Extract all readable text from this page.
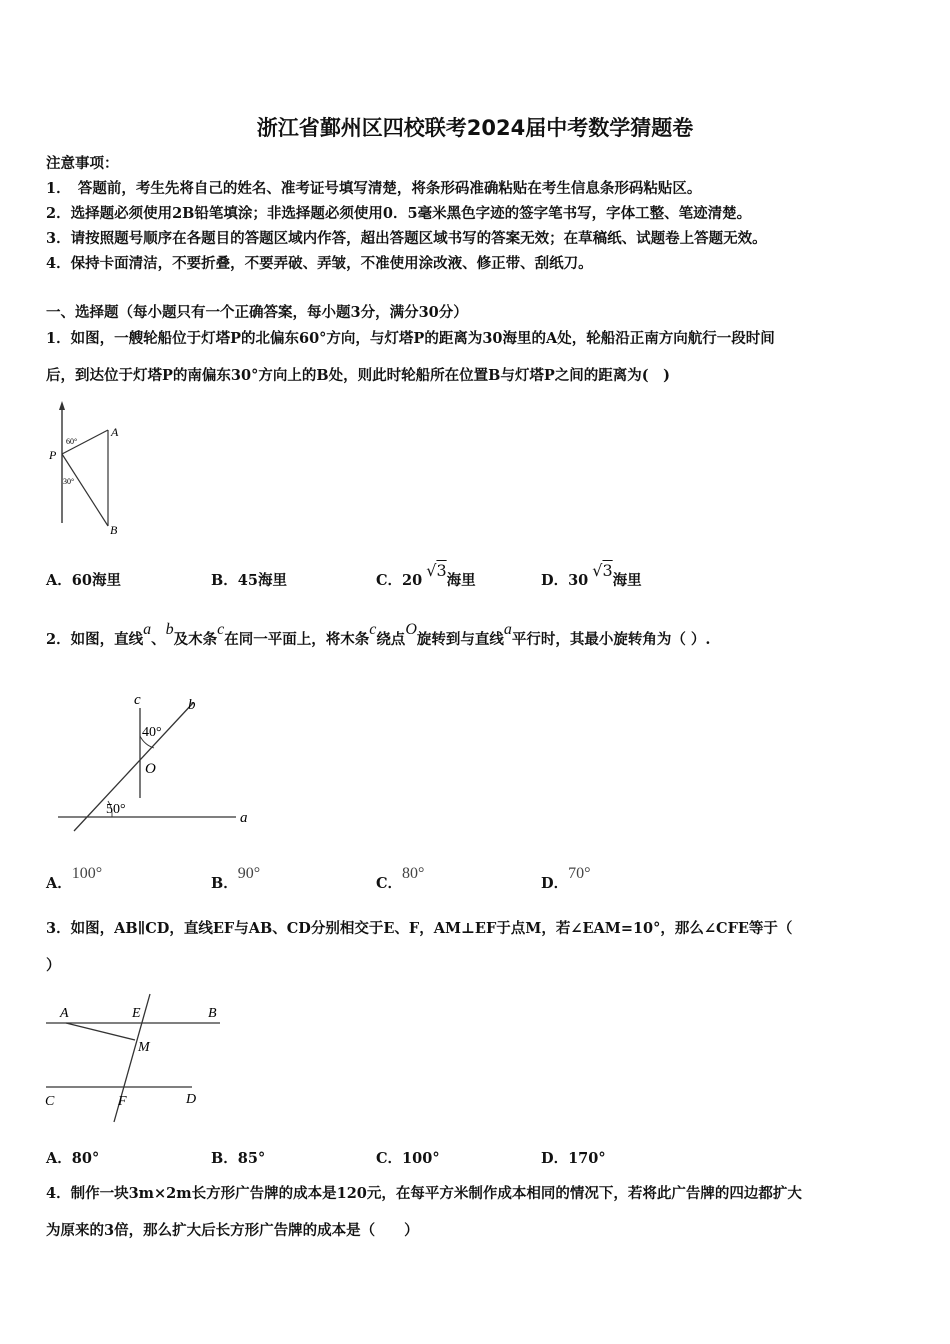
浙江省鄞州区四校联考2024届中考数学猜题卷
注意事项：
1．　答题前，考生先将自己的姓名、准考证号填写清楚，将条形码准确粘贴在考生信息条形码粘贴区。
2．选择题必须使用2B铅笔填涂；非选择题必须使用0．5毫米黑色字迹的签字笔书写，字体工整、笔迹清楚。
3．请按照题号顺序在各题目的答题区域内作答，超出答题区域书写的答案无效；在草稿纸、试题卷上答题无效。
4．保持卡面清洁，不要折叠，不要弄破、弄皱，不准使用涂改液、修正带、刮纸刀。
一、选择题（每小题只有一个正确答案，每小题3分，满分30分）
1．如图，一艘轮船位于灯塔P的北偏东60°方向，与灯塔P的距离为30海里的A处，轮船沿正南方向航行一段时间
后，到达位于灯塔P的南偏东30°方向上的B处，则此时轮船所在位置B与灯塔P之间的距离为(　)
P
A
B
60°
30°
A．60海里	B．45海里	C．20√3海里	D．30√3海里
2．如图，直线a、b及木条c在同一平面上，将木条c绕点O旋转到与直线a平行时，其最小旋转角为（ ）.
c	b
a
O
40°
50°
A．100°
B．90°
C．80°
D．70°
3．如图，AB∥CD，直线EF与AB、CD分别相交于E、F，AM⊥EF于点M，若∠EAM=10°，那么∠CFE等于（
）
A	E	B
M
C	F	D
A．80°	B．85°	C．100°	D．170°
4．制作一块3m×2m长方形广告牌的成本是120元，在每平方米制作成本相同的情况下，若将此广告牌的四边都扩大
为原来的3倍，那么扩大后长方形广告牌的成本是（　　）
